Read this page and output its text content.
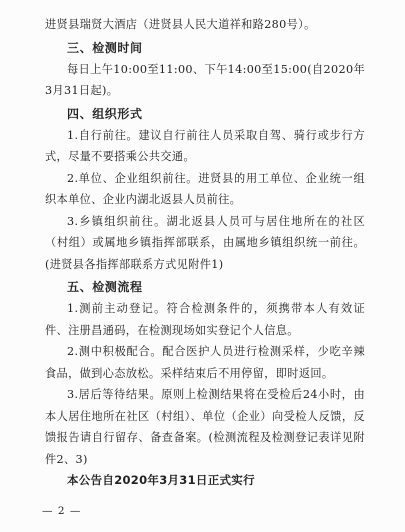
进贤县瑞贤大酒店（进贤县人民大道祥和路280号）。

三、检测时间

每日上午10:00至11:00、下午14:00至15:00(自2020年3月31日起)。

四、组织形式

1.自行前往。建议自行前往人员采取自驾、骑行或步行方式，尽量不要搭乘公共交通。

2.单位、企业组织前往。进贤县的用工单位、企业统一组织本单位、企业内湖北返县人员前往。

3.乡镇组织前往。湖北返县人员可与居住地所在的社区（村组）或属地乡镇指挥部联系，由属地乡镇组织统一前往。(进贤县各指挥部联系方式见附件1)

五、检测流程

1.测前主动登记。符合检测条件的，须携带本人有效证件、注册昌通码，在检测现场如实登记个人信息。

2.测中积极配合。配合医护人员进行检测采样，少吃辛辣食品，做到心态放松。采样结束后不用停留，即时返回。

3.居后等待结果。原则上检测结果将在受检后24小时，由本人居住地所在社区（村组）、单位（企业）向受检人反馈，反馈报告请自行留存、备查备案。(检测流程及检测登记表详见附件2、3)

本公告自2020年3月31日正式实行

— 2 —
